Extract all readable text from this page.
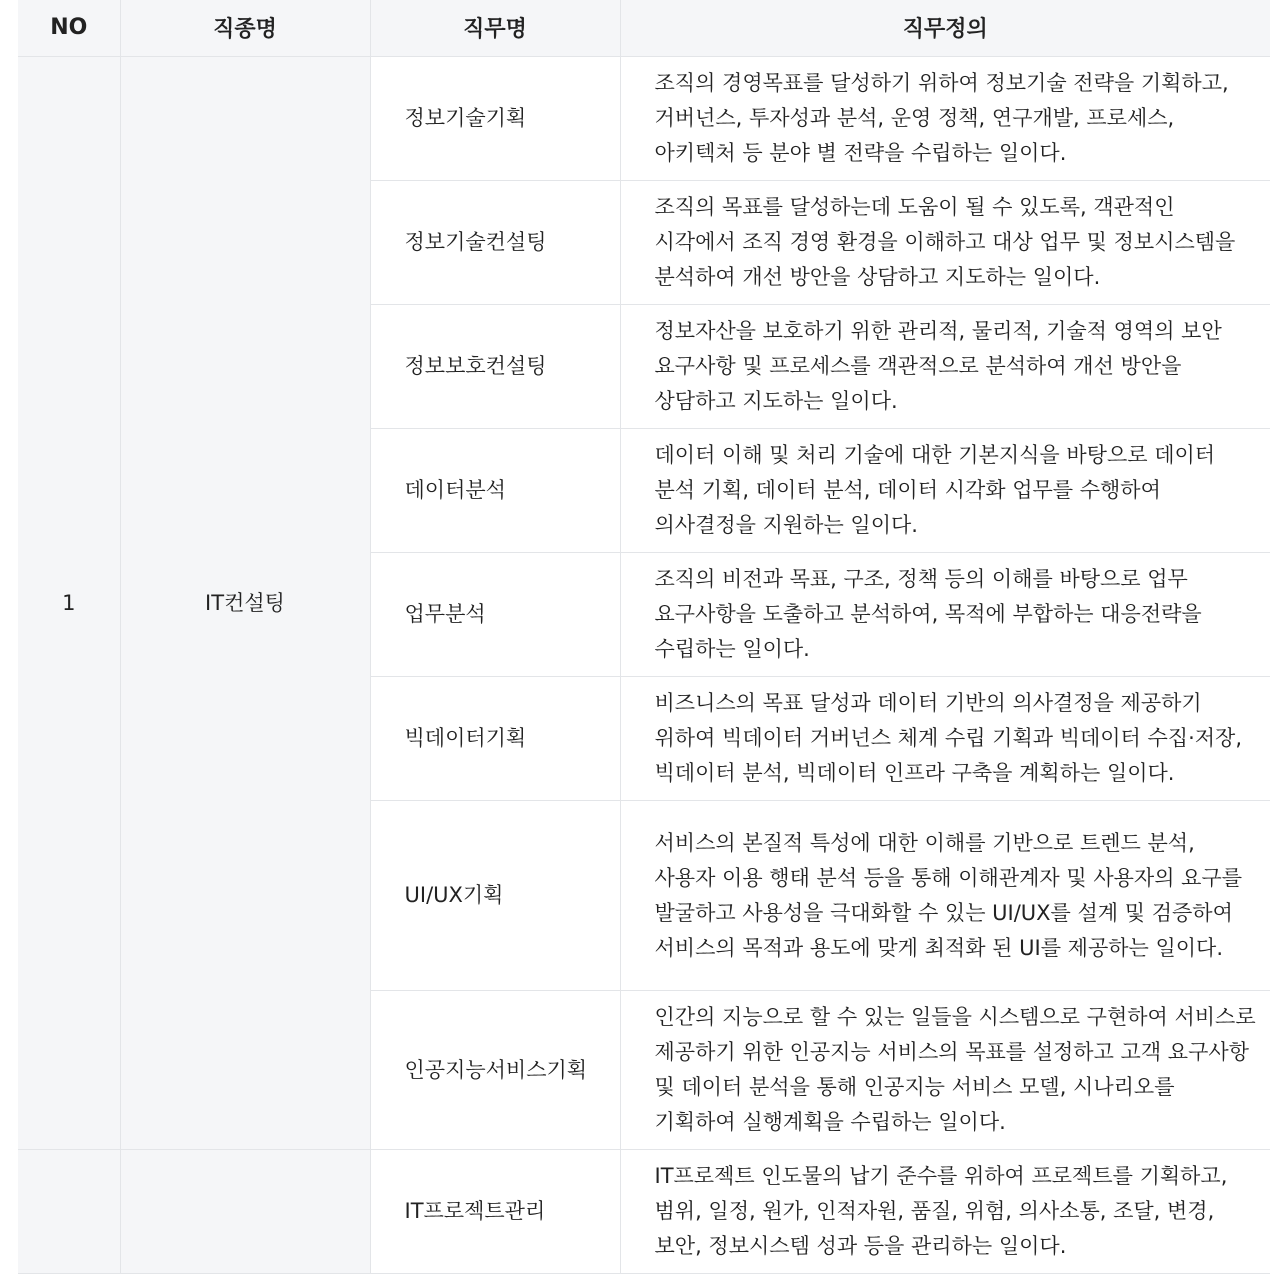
NO	직종명	직무명	직무정의
1	IT컨설팅	정보기술기획	조직의 경영목표를 달성하기 위하여 정보기술 전략을 기획하고, 거버넌스, 투자성과 분석, 운영 정책, 연구개발, 프로세스, 아키텍처 등 분야 별 전략을 수립하는 일이다.
		정보기술컨설팅	조직의 목표를 달성하는데 도움이 될 수 있도록, 객관적인 시각에서 조직 경영 환경을 이해하고 대상 업무 및 정보시스템을 분석하여 개선 방안을 상담하고 지도하는 일이다.
		정보보호컨설팅	정보자산을 보호하기 위한 관리적, 물리적, 기술적 영역의 보안 요구사항 및 프로세스를 객관적으로 분석하여 개선 방안을 상담하고 지도하는 일이다.
		데이터분석	데이터 이해 및 처리 기술에 대한 기본지식을 바탕으로 데이터 분석 기획, 데이터 분석, 데이터 시각화 업무를 수행하여 의사결정을 지원하는 일이다.
		업무분석	조직의 비전과 목표, 구조, 정책 등의 이해를 바탕으로 업무 요구사항을 도출하고 분석하여, 목적에 부합하는 대응전략을 수립하는 일이다.
		빅데이터기획	비즈니스의 목표 달성과 데이터 기반의 의사결정을 제공하기 위하여 빅데이터 거버넌스 체계 수립 기획과 빅데이터 수집·저장, 빅데이터 분석, 빅데이터 인프라 구축을 계획하는 일이다.
		UI/UX기획	서비스의 본질적 특성에 대한 이해를 기반으로 트렌드 분석, 사용자 이용 행태 분석 등을 통해 이해관계자 및 사용자의 요구를 발굴하고 사용성을 극대화할 수 있는 UI/UX를 설계 및 검증하여 서비스의 목적과 용도에 맞게 최적화 된 UI를 제공하는 일이다.
		인공지능서비스기획	인간의 지능으로 할 수 있는 일들을 시스템으로 구현하여 서비스로 제공하기 위한 인공지능 서비스의 목표를 설정하고 고객 요구사항 및 데이터 분석을 통해 인공지능 서비스 모델, 시나리오를 기획하여 실행계획을 수립하는 일이다.
		IT프로젝트관리	IT프로젝트 인도물의 납기 준수를 위하여 프로젝트를 기획하고, 범위, 일정, 원가, 인적자원, 품질, 위험, 의사소통, 조달, 변경, 보안, 정보시스템 성과 등을 관리하는 일이다.
